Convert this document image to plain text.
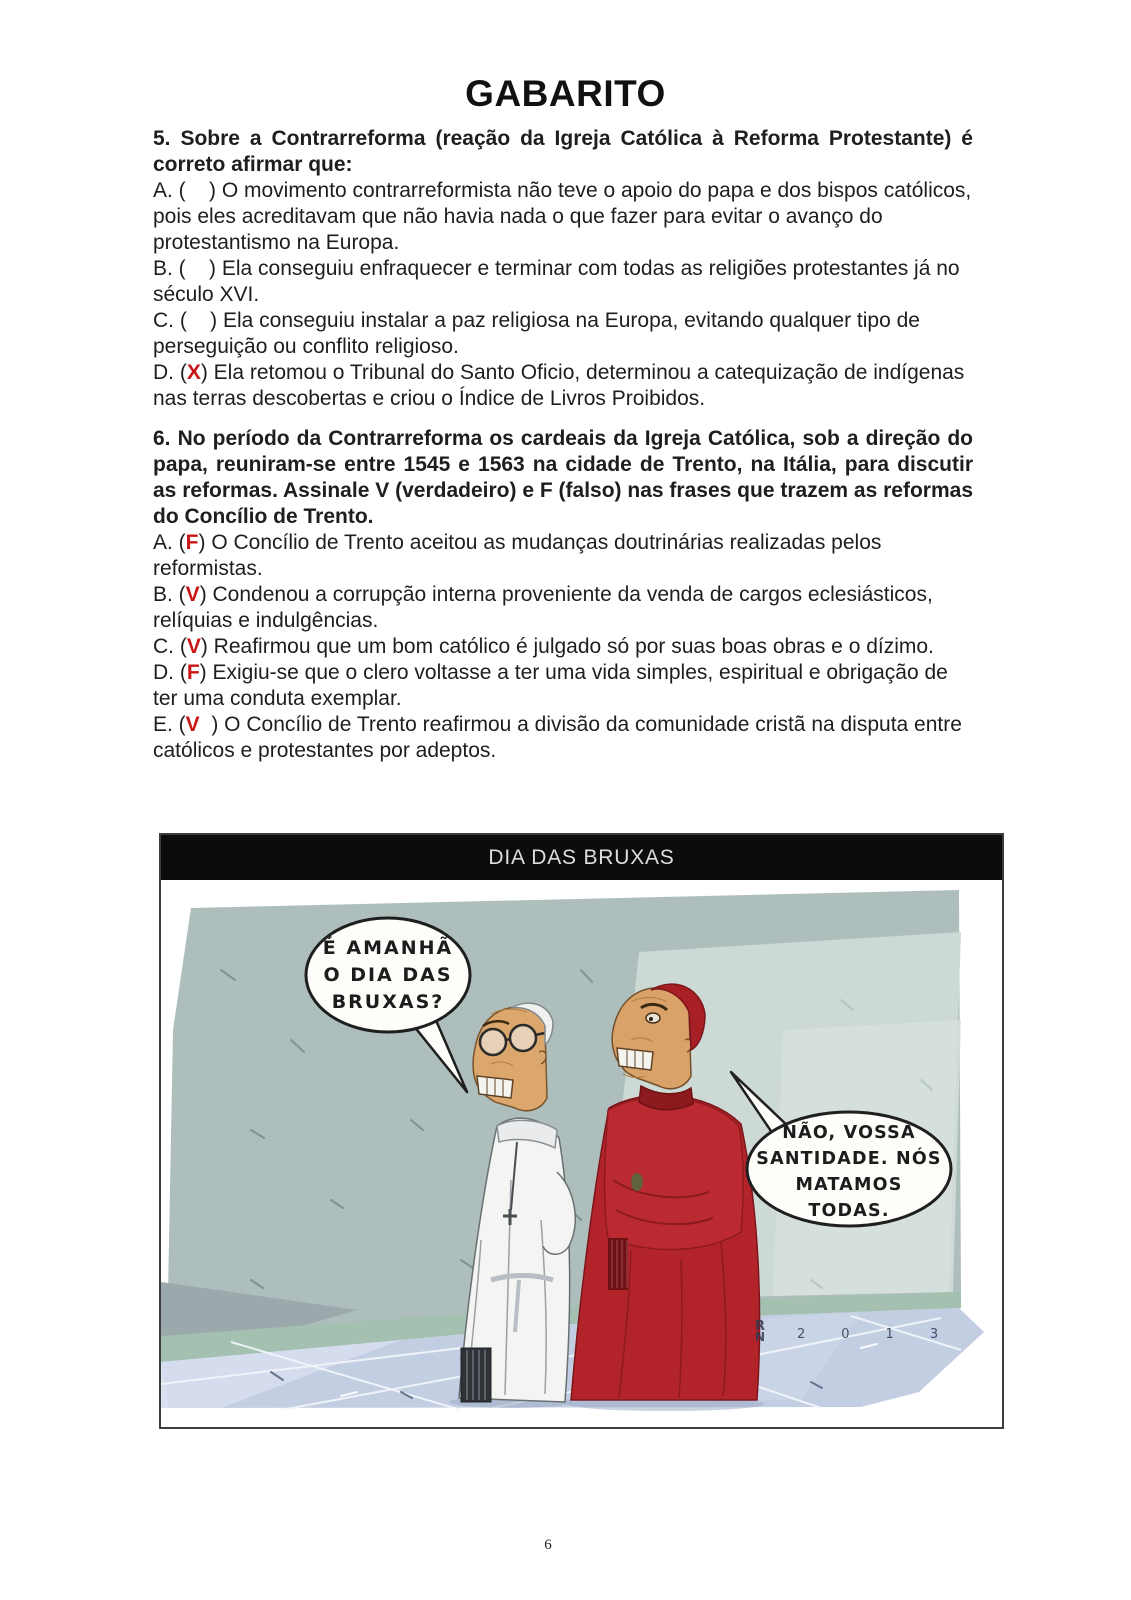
GABARITO

5. Sobre a Contrarreforma (reação da Igreja Católica à Reforma Protestante) é correto afirmar que:

A. ( ) O movimento contrarreformista não teve o apoio do papa e dos bispos católicos, pois eles acreditavam que não havia nada o que fazer para evitar o avanço do protestantismo na Europa.

B. ( ) Ela conseguiu enfraquecer e terminar com todas as religiões protestantes já no século XVI.

C. ( ) Ela conseguiu instalar a paz religiosa na Europa, evitando qualquer tipo de perseguição ou conflito religioso.

D. (X) Ela retomou o Tribunal do Santo Oficio, determinou a catequização de indígenas nas terras descobertas e criou o Índice de Livros Proibidos.

6. No período da Contrarreforma os cardeais da Igreja Católica, sob a direção do papa, reuniram-se entre 1545 e 1563 na cidade de Trento, na Itália, para discutir as reformas. Assinale V (verdadeiro) e F (falso) nas frases que trazem as reformas do Concílio de Trento.

A. (F) O Concílio de Trento aceitou as mudanças doutrinárias realizadas pelos reformistas.

B. (V) Condenou a corrupção interna proveniente da venda de cargos eclesiásticos, relíquias e indulgências.

C. (V) Reafirmou que um bom católico é julgado só por suas boas obras e o dízimo.

D. (F) Exigiu-se que o clero voltasse a ter uma vida simples, espiritual e obrigação de ter uma conduta exemplar.

E. (V  ) O Concílio de Trento reafirmou a divisão da comunidade cristã na disputa entre católicos e protestantes por adeptos.

DIA DAS BRUXAS
É AMANHÃ
O DIA DAS
BRUXAS?
NÃO, VOSSA
SANTIDADE. NÓS
MATAMOS
TODAS.
R
N 2013
6
